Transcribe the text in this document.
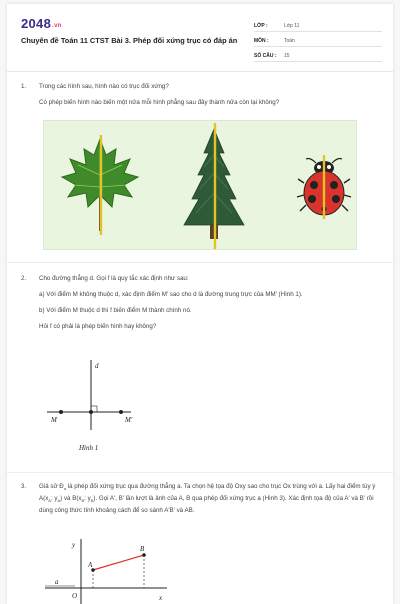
2048.vn
Chuyên đề Toán 11 CTST Bài 3. Phép đối xứng trục có đáp án
LỚP :	Lớp 11
MÔN :	Toán
SỐ CÂU :	15
1.	Trong các hình sau, hình nào có trục đối xứng?

Có phép biến hình nào biến một nửa mỗi hình phẳng sau đây thành nửa còn lại không?

2.	Cho đường thẳng d. Gọi f là quy tắc xác định như sau:

a) Với điểm M không thuộc d, xác định điểm M' sao cho d là đường trung trực của MM' (Hình 1).

b) Với điểm M thuộc d thì f biến điểm M thành chính nó.

Hỏi f có phải là phép biến hình hay không?

d
M	M'
Hình 1
3.	Giả sử $Đ_a$ là phép đối xứng trục qua đường thẳng a. Ta chọn hệ tọa độ Oxy sao cho trục Ox trùng với a. Lấy hai điểm tùy ý $A(x_A$; $y_A$) và $B(x_B$; $y_B$). Gọi A', B' lần lượt là ảnh của A, B qua phép đối xứng trục a (Hình 3). Xác định tọa độ của A' và B' rồi dùng công thức tính khoảng cách để so sánh A'B' và AB.

y
x
O
a
A
B
